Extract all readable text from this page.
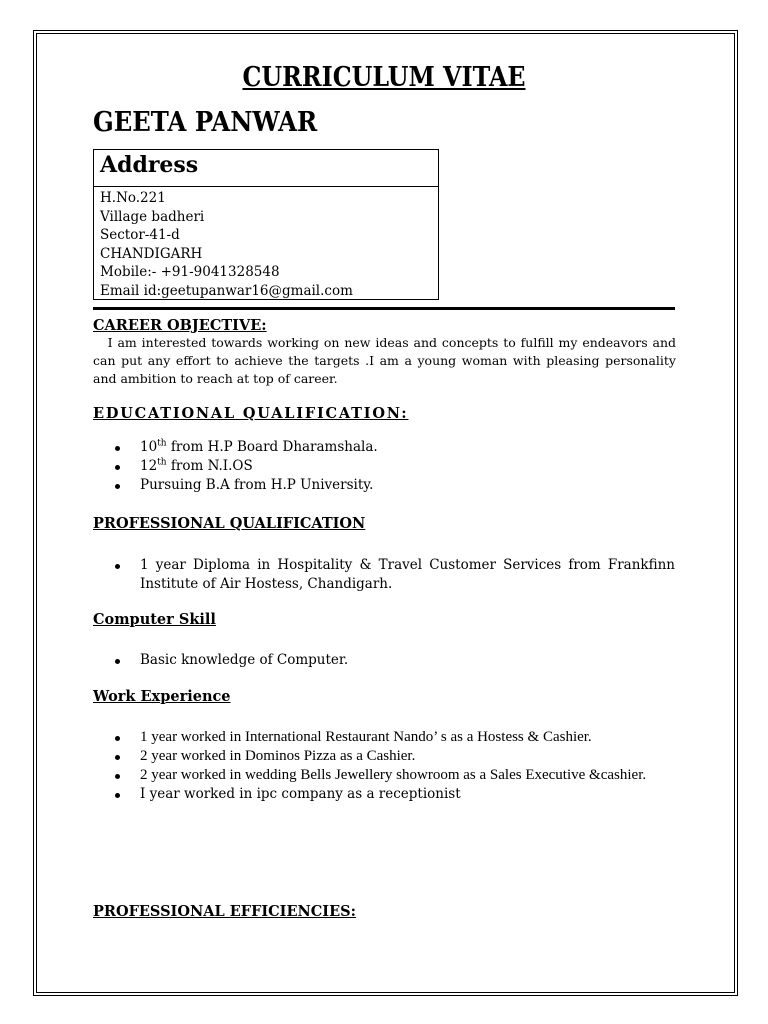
CURRICULUM VITAE
GEETA PANWAR
Address
H.No.221
Village badheri
Sector-41-d
CHANDIGARH
Mobile:- +91-9041328548
Email id:geetupanwar16@gmail.com
CAREER OBJECTIVE:
I am interested towards working on new ideas and concepts to fulfill my endeavors and can put any effort to achieve the targets .I am a young woman with pleasing personality and ambition to reach at top of career.
EDUCATIONAL QUALIFICATION:
10th from H.P Board Dharamshala.
12th from N.I.OS
Pursuing B.A from H.P University.
PROFESSIONAL QUALIFICATION
1 year Diploma in Hospitality & Travel Customer Services from Frankfinn Institute of Air Hostess, Chandigarh.
Computer Skill
Basic knowledge of Computer.
Work Experience
1 year worked in International Restaurant Nando’ s as a Hostess & Cashier.
2 year worked in Dominos Pizza as a Cashier.
2 year worked in wedding Bells Jewellery showroom as a Sales Executive &cashier.
I year worked in ipc company as a receptionist
PROFESSIONAL EFFICIENCIES:
